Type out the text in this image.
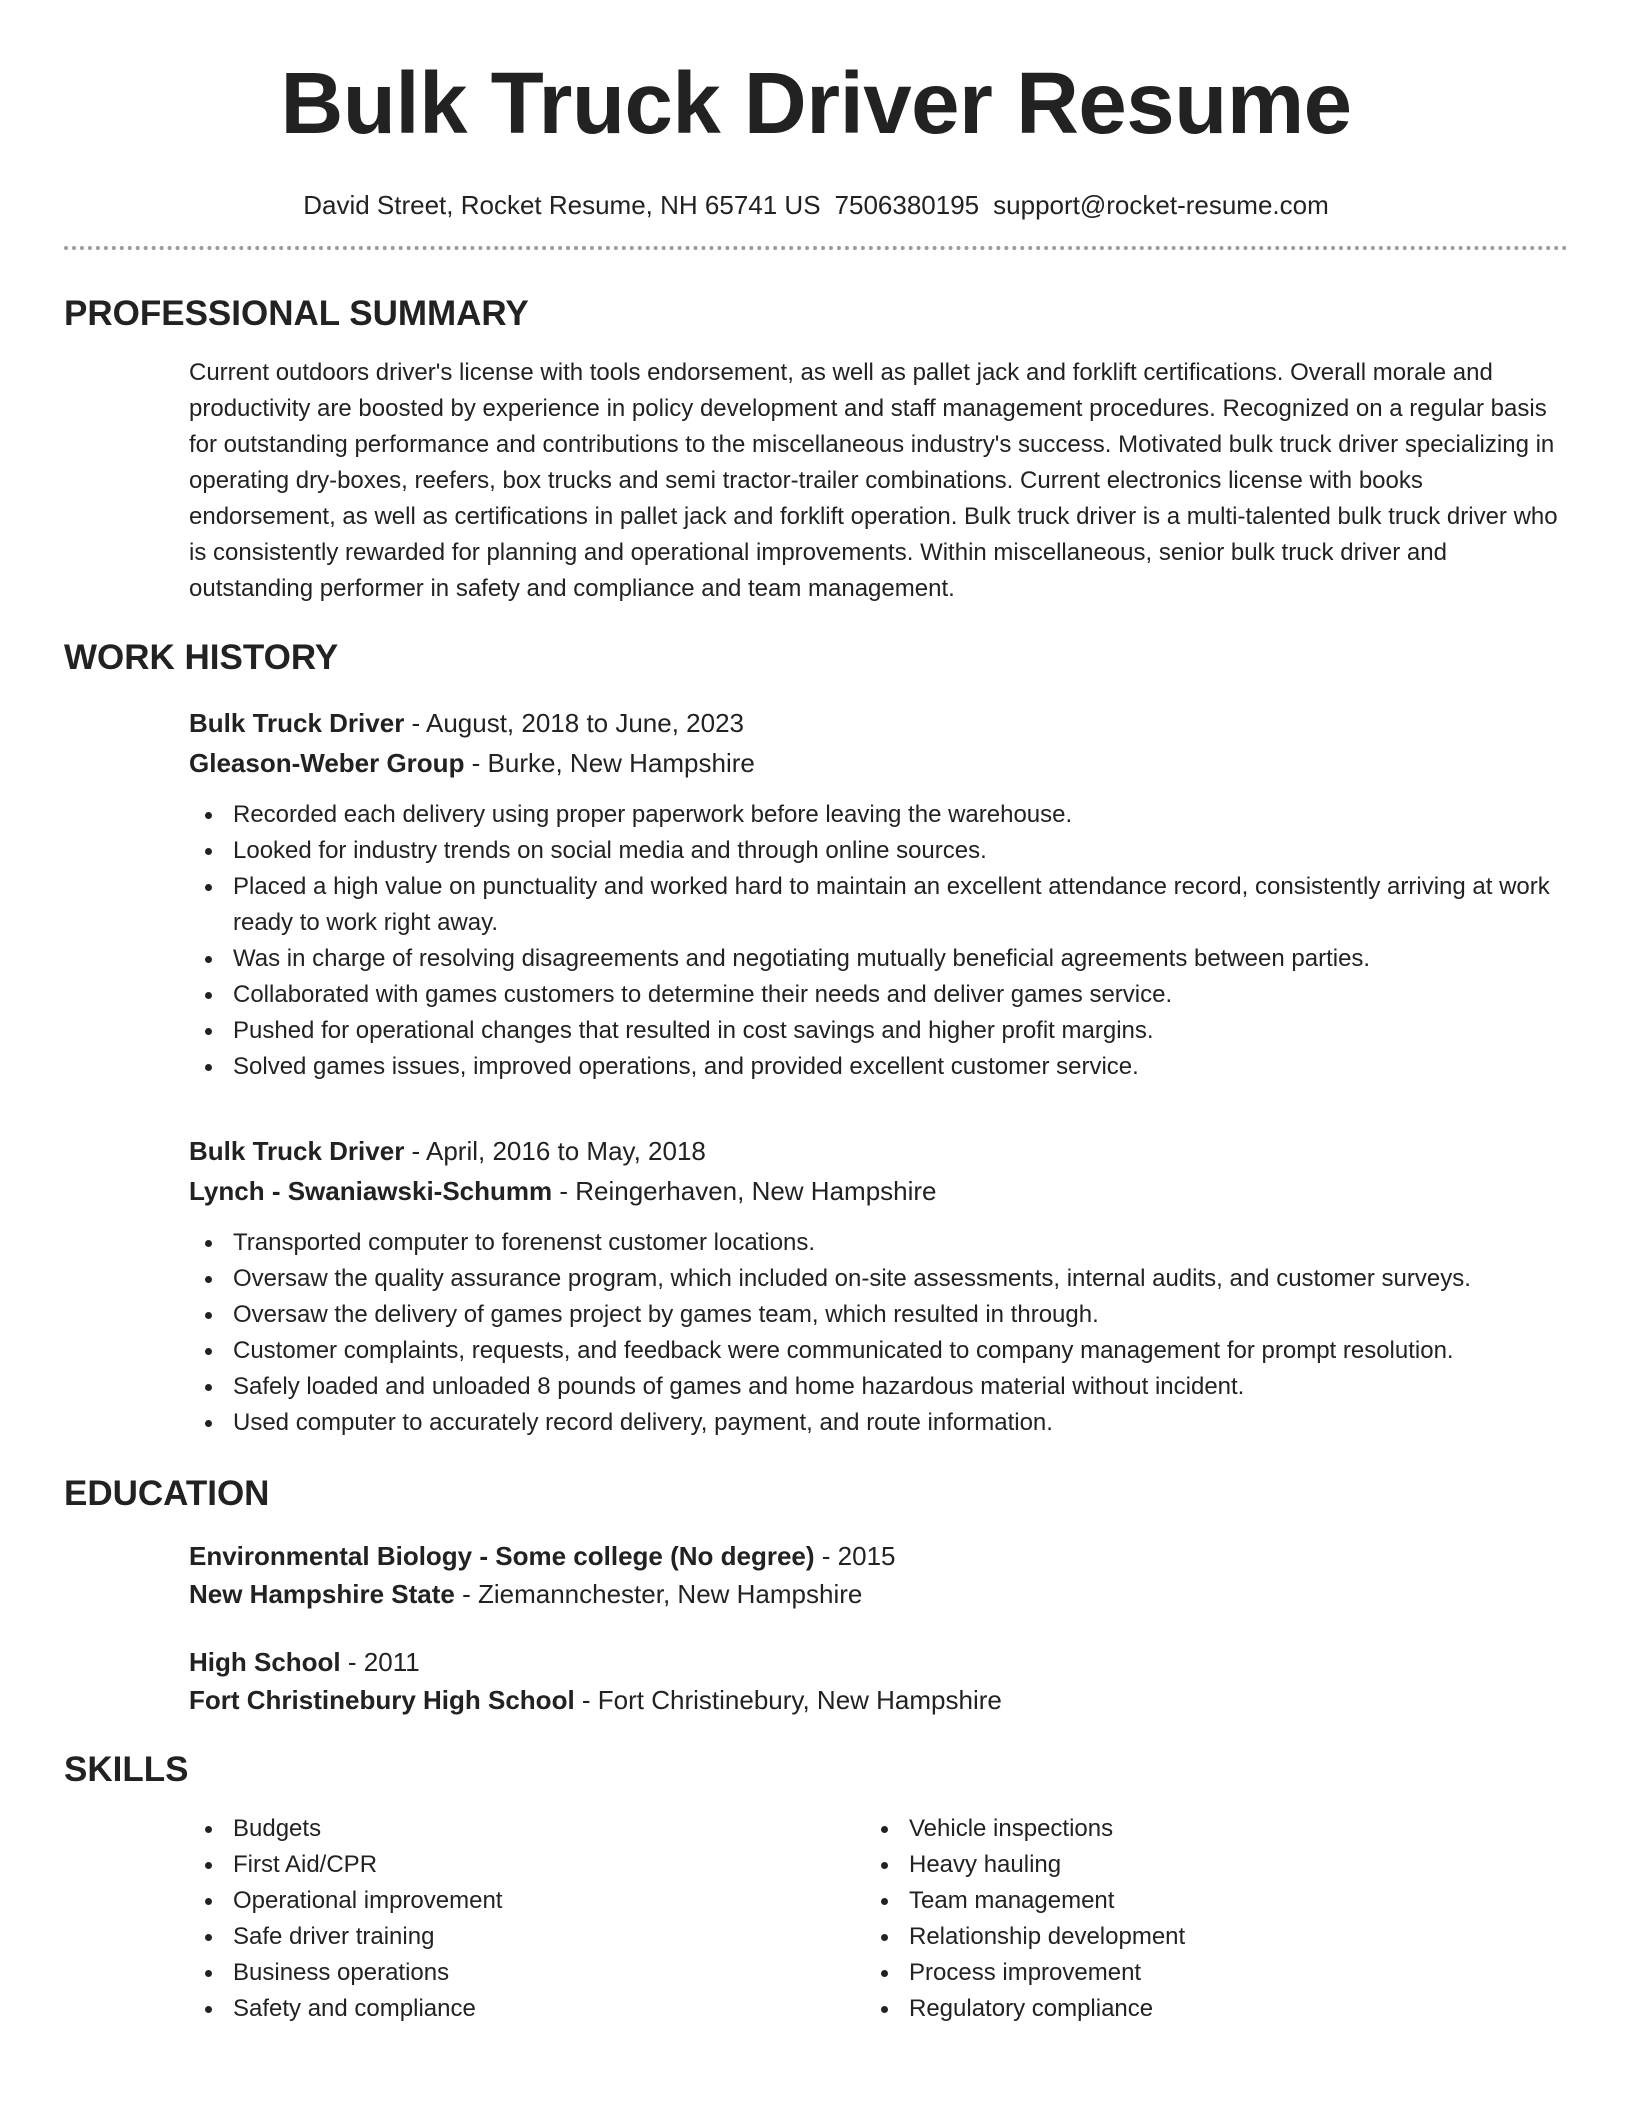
Bulk Truck Driver Resume
David Street, Rocket Resume, NH 65741 US 7506380195 support@rocket-resume.com
PROFESSIONAL SUMMARY

Current outdoors driver's license with tools endorsement, as well as pallet jack and forklift certifications. Overall morale and productivity are boosted by experience in policy development and staff management procedures. Recognized on a regular basis for outstanding performance and contributions to the miscellaneous industry's success. Motivated bulk truck driver specializing in operating dry-boxes, reefers, box trucks and semi tractor-trailer combinations. Current electronics license with books endorsement, as well as certifications in pallet jack and forklift operation. Bulk truck driver is a multi-talented bulk truck driver who is consistently rewarded for planning and operational improvements. Within miscellaneous, senior bulk truck driver and outstanding performer in safety and compliance and team management.

WORK HISTORY
Bulk Truck Driver - August, 2018 to June, 2023
Gleason-Weber Group - Burke, New Hampshire
Recorded each delivery using proper paperwork before leaving the warehouse.
Looked for industry trends on social media and through online sources.
Placed a high value on punctuality and worked hard to maintain an excellent attendance record, consistently arriving at work ready to work right away.
Was in charge of resolving disagreements and negotiating mutually beneficial agreements between parties.
Collaborated with games customers to determine their needs and deliver games service.
Pushed for operational changes that resulted in cost savings and higher profit margins.
Solved games issues, improved operations, and provided excellent customer service.
Bulk Truck Driver - April, 2016 to May, 2018
Lynch - Swaniawski-Schumm - Reingerhaven, New Hampshire
Transported computer to forenenst customer locations.
Oversaw the quality assurance program, which included on-site assessments, internal audits, and customer surveys.
Oversaw the delivery of games project by games team, which resulted in through.
Customer complaints, requests, and feedback were communicated to company management for prompt resolution.
Safely loaded and unloaded 8 pounds of games and home hazardous material without incident.
Used computer to accurately record delivery, payment, and route information.
EDUCATION
Environmental Biology - Some college (No degree) - 2015
New Hampshire State - Ziemannchester, New Hampshire
High School - 2011
Fort Christinebury High School - Fort Christinebury, New Hampshire
SKILLS
Budgets
First Aid/CPR
Operational improvement
Safe driver training
Business operations
Safety and compliance
Vehicle inspections
Heavy hauling
Team management
Relationship development
Process improvement
Regulatory compliance
